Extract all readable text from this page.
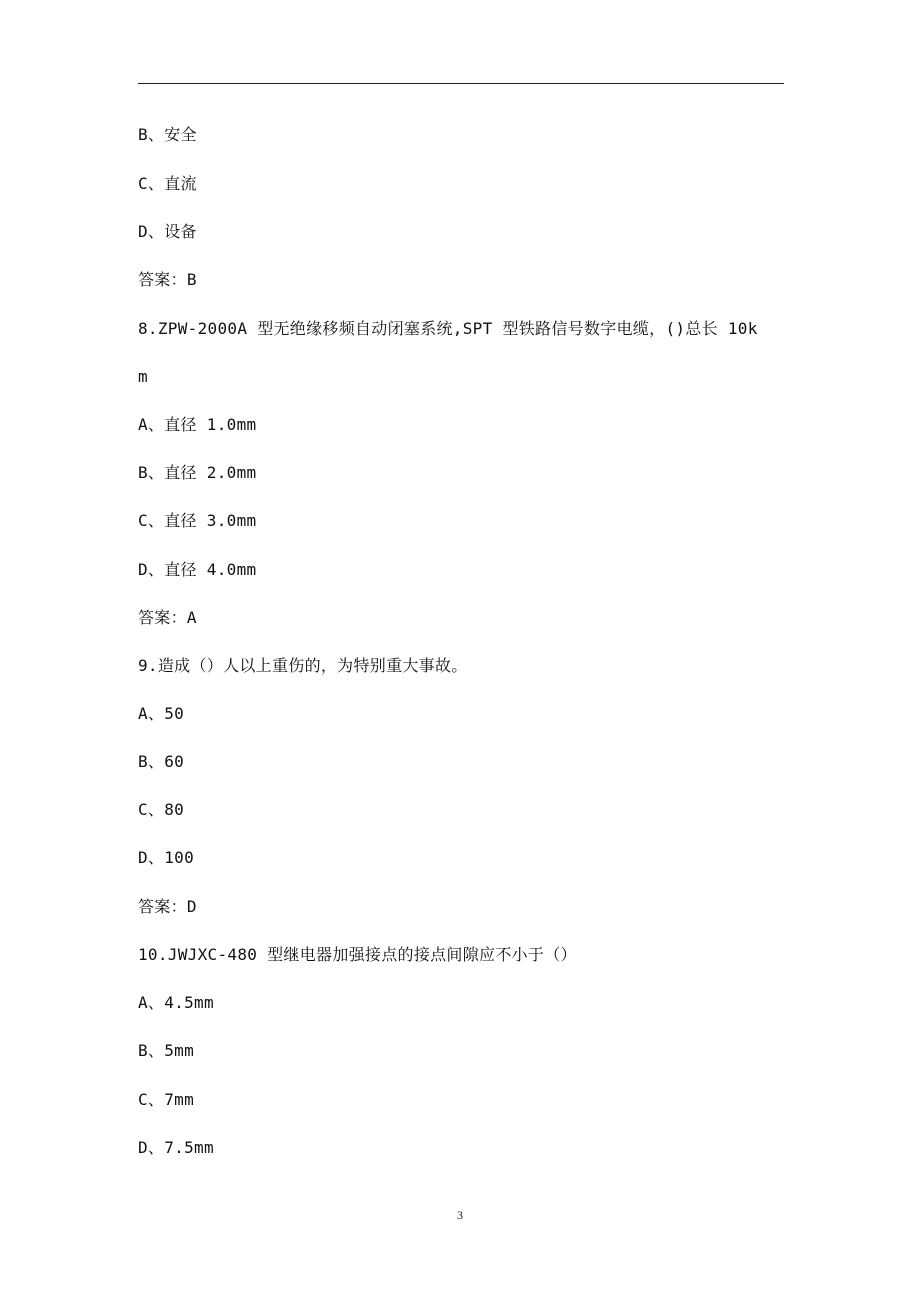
B、安全
C、直流
D、设备
答案：B
8.ZPW-2000A 型无绝缘移频自动闭塞系统,SPT 型铁路信号数字电缆，()总长 10k
m
A、直径 1.0mm
B、直径 2.0mm
C、直径 3.0mm
D、直径 4.0mm
答案：A
9.造成（）人以上重伤的，为特别重大事故。
A、50
B、60
C、80
D、100
答案：D
10.JWJXC-480 型继电器加强接点的接点间隙应不小于（）
A、4.5mm
B、5mm
C、7mm
D、7.5mm
3
